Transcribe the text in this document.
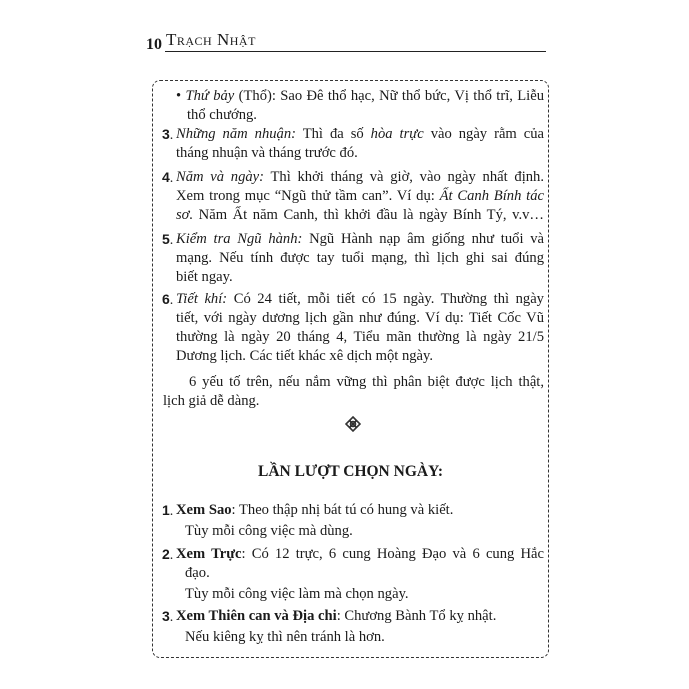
10 Trạch Nhật
3.
4.
5.
6.
LẦN LƯỢT CHỌN NGÀY:
1.
2.
3.
• Thứ bảy (Thổ): Sao Đê thổ hạc, Nữ thổ bức, Vị thổ trĩ, Liễu
thổ chướng.
Những năm nhuận: Thì đa số hòa trực vào ngày rằm của
tháng nhuận và tháng trước đó.
Năm và ngày: Thì khởi tháng và giờ, vào ngày nhất định.
Xem trong mục “Ngũ thử tầm can”. Ví dụ: Ất Canh Bính tác
sơ. Năm Ất năm Canh, thì khởi đầu là ngày Bính Tý, v.v…
Kiểm tra Ngũ hành: Ngũ Hành nạp âm giống như tuổi và
mạng. Nếu tính được tay tuổi mạng, thì lịch ghi sai đúng
biết ngay.
Tiết khí: Có 24 tiết, mỗi tiết có 15 ngày. Thường thì ngày
tiết, với ngày dương lịch gần như đúng. Ví dụ: Tiết Cốc Vũ
thường là ngày 20 tháng 4, Tiểu mãn thường là ngày 21/5
Dương lịch. Các tiết khác xê dịch một ngày.
6 yếu tố trên, nếu nắm vững thì phân biệt được lịch thật,
lịch giả dễ dàng.
Xem Sao: Theo thập nhị bát tú có hung và kiết.
Tùy mỗi công việc mà dùng.
Xem Trực: Có 12 trực, 6 cung Hoàng Đạo và 6 cung Hắc
đạo.
Tùy mỗi công việc làm mà chọn ngày.
Xem Thiên can và Địa chi: Chương Bành Tổ kỵ nhật.
Nếu kiêng kỵ thì nên tránh là hơn.
